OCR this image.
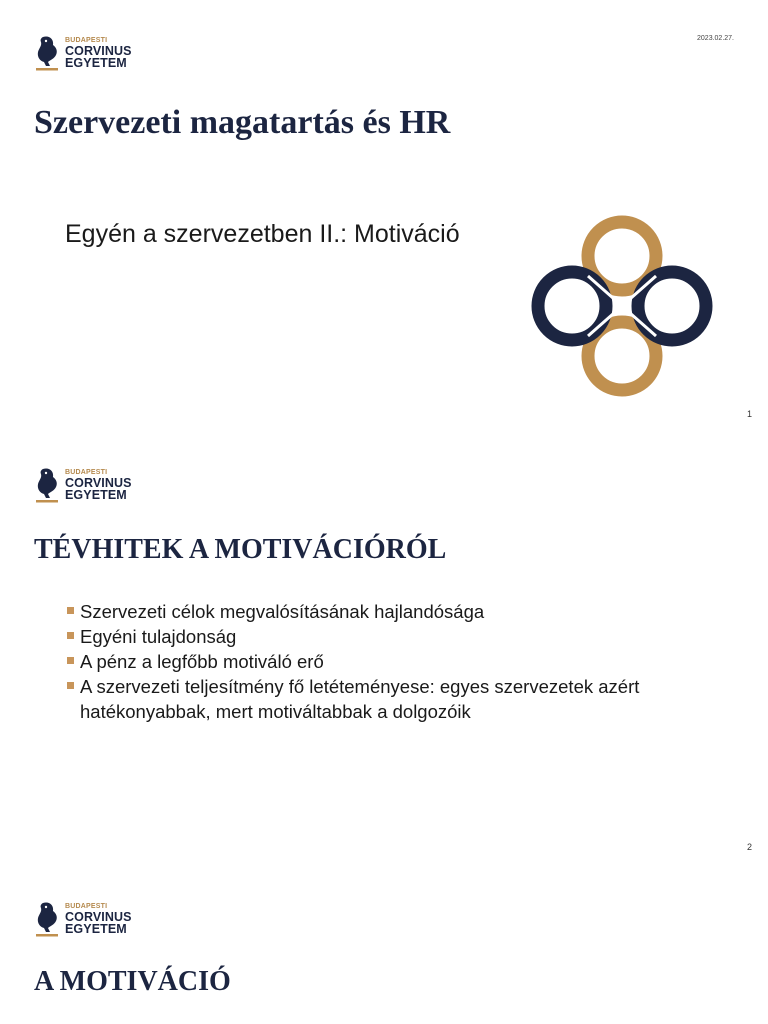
BUDAPESTI
CORVINUS
EGYETEM
2023.02.27.
Szervezeti magatartás és HR
Egyén a szervezetben II.: Motiváció
1
BUDAPESTI
CORVINUS
EGYETEM
TÉVHITEK A MOTIVÁCIÓRÓL
2
Szervezeti célok megvalósításának hajlandósága
Egyéni tulajdonság
A pénz a legfőbb motiváló erő
A szervezeti teljesítmény fő letéteményese: egyes szervezetek azért hatékonyabbak, mert motiváltabbak a dolgozóik
BUDAPESTI
CORVINUS
EGYETEM
A MOTIVÁCIÓ
